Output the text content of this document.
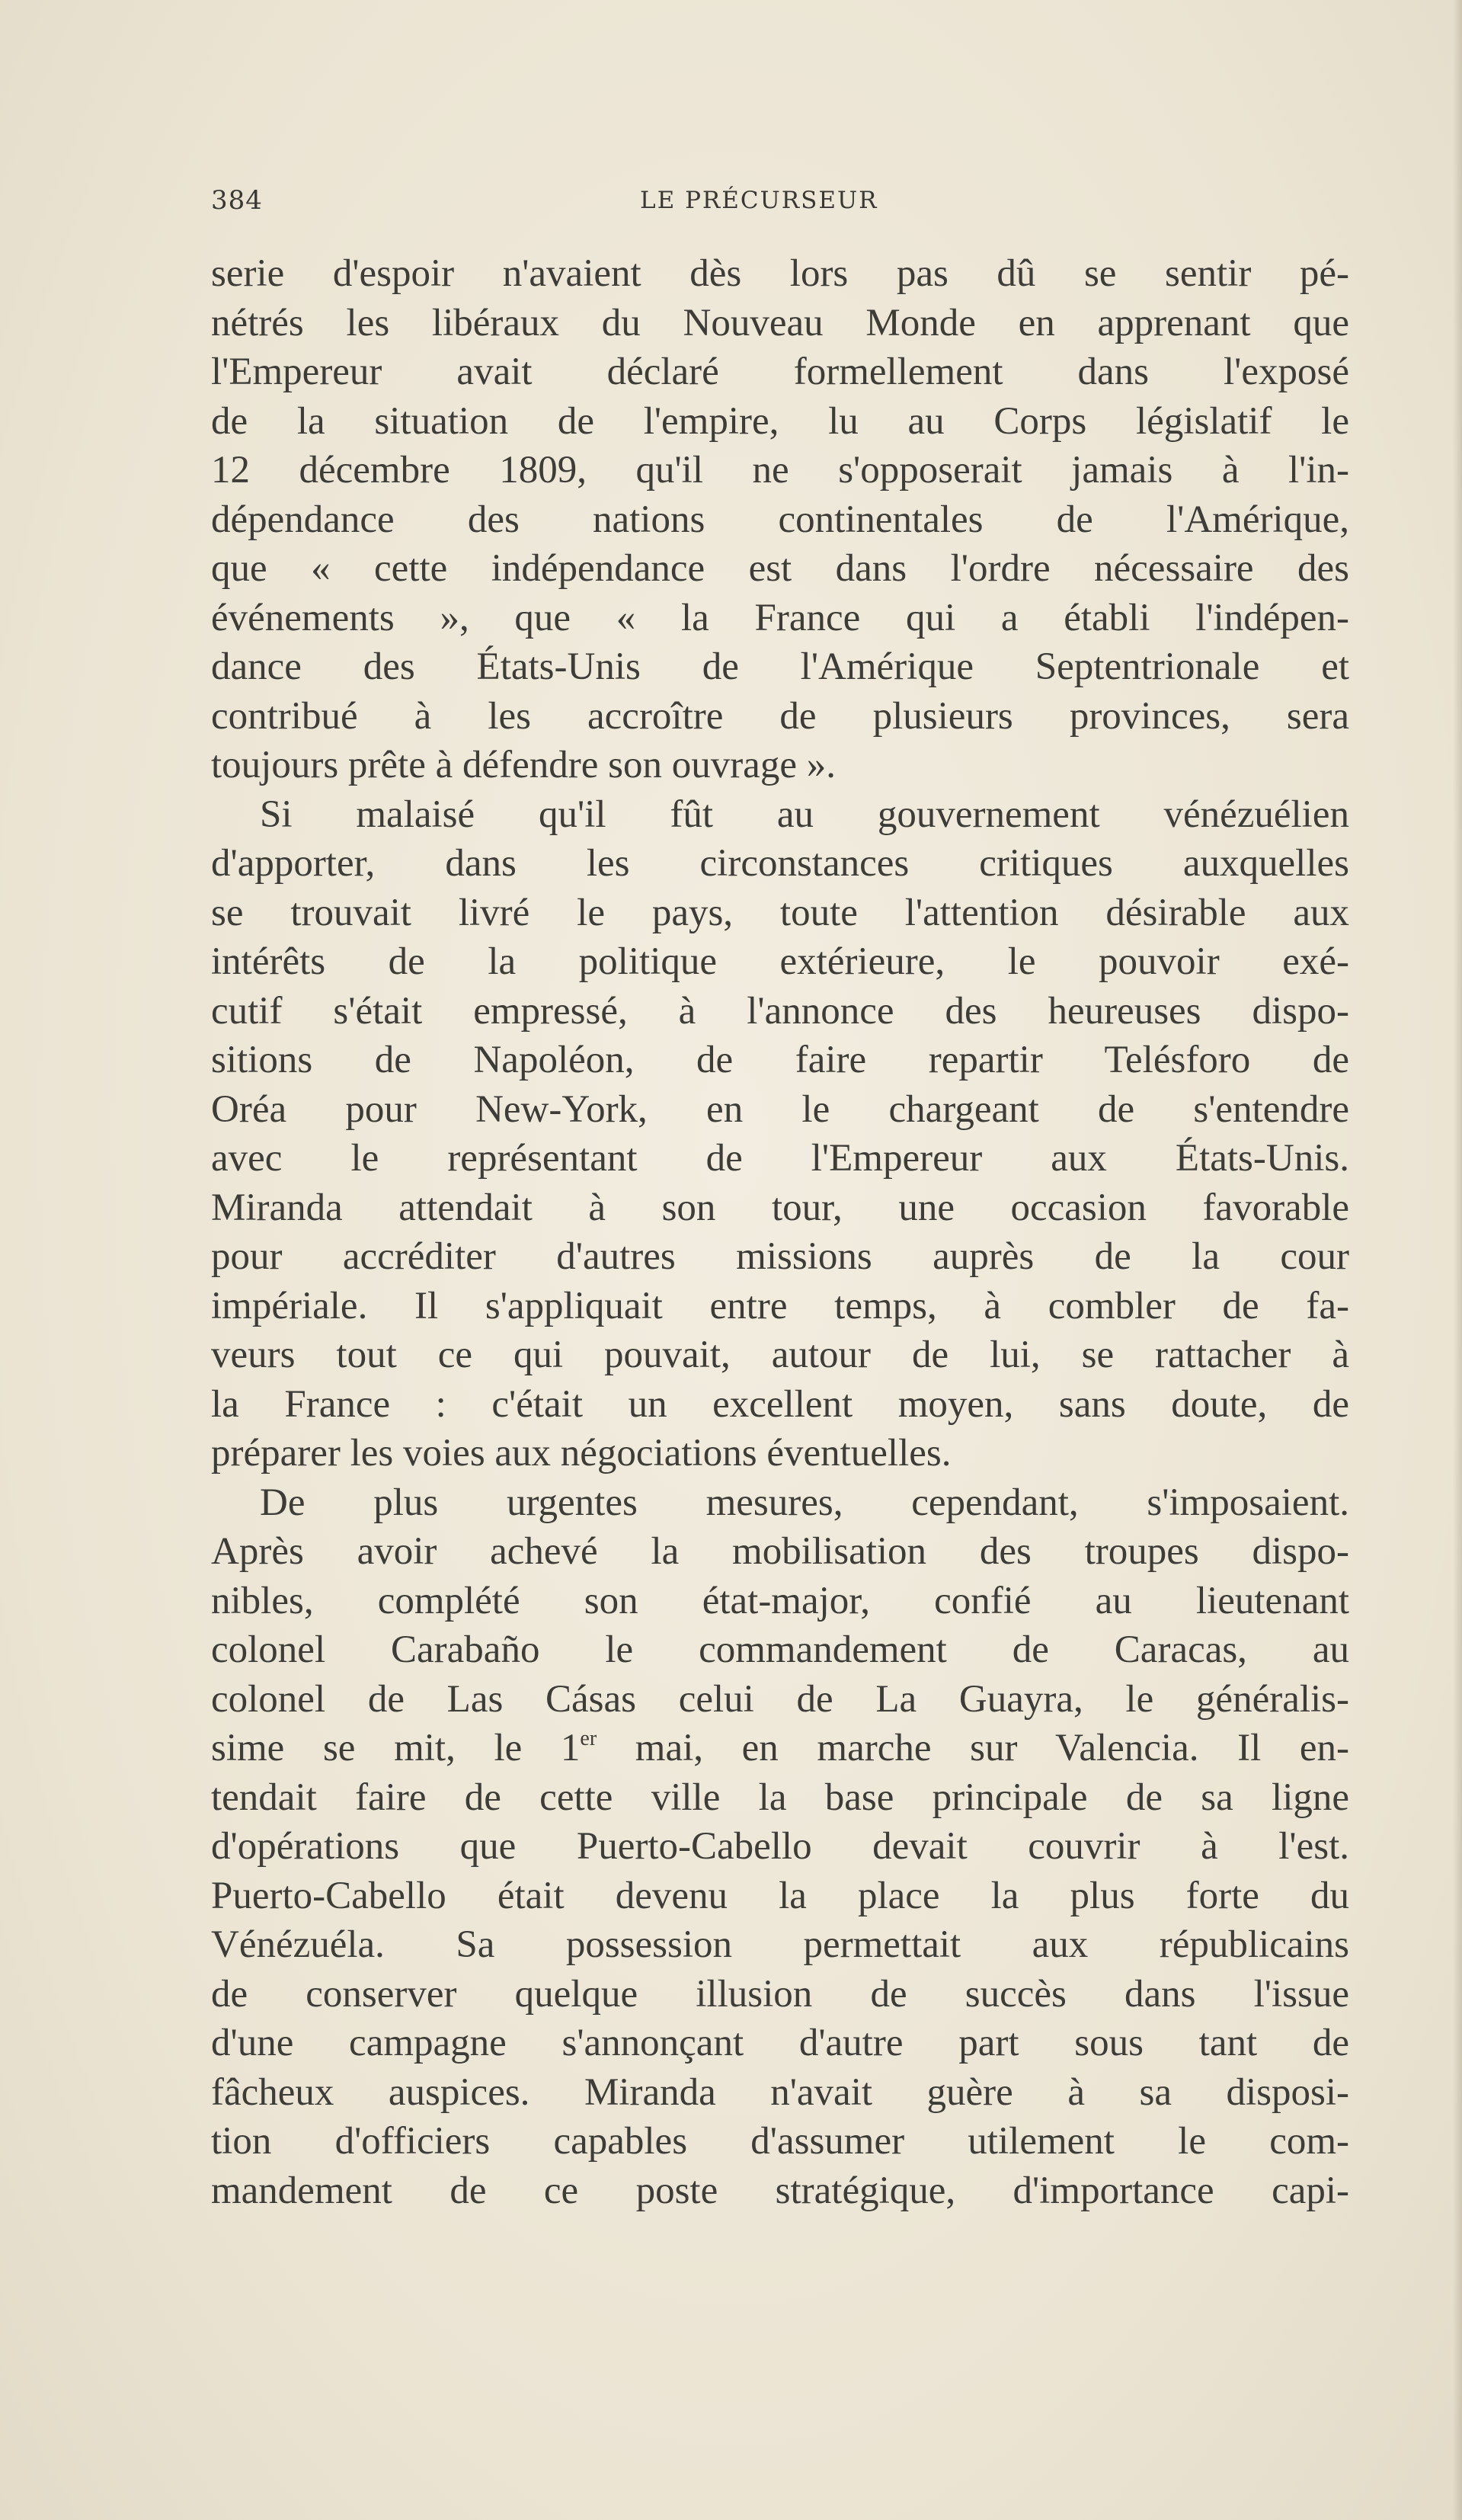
384	LE PRÉCURSEUR

serie d'espoir n'avaient dès lors pas dû se sentir pé-

nétrés les libéraux du Nouveau Monde en apprenant que

l'Empereur avait déclaré formellement dans l'exposé

de la situation de l'empire, lu au Corps législatif le

12 décembre 1809, qu'il ne s'opposerait jamais à l'in-

dépendance des nations continentales de l'Amérique,

que « cette indépendance est dans l'ordre nécessaire des

événements », que « la France qui a établi l'indépen-

dance des États-Unis de l'Amérique Septentrionale et

contribué à les accroître de plusieurs provinces, sera

toujours prête à défendre son ouvrage ».

Si malaisé qu'il fût au gouvernement vénézuélien

d'apporter, dans les circonstances critiques auxquelles

se trouvait livré le pays, toute l'attention désirable aux

intérêts de la politique extérieure, le pouvoir exé-

cutif s'était empressé, à l'annonce des heureuses dispo-

sitions de Napoléon, de faire repartir Telésforo de

Oréa pour New-York, en le chargeant de s'entendre

avec le représentant de l'Empereur aux États-Unis.

Miranda attendait à son tour, une occasion favorable

pour accréditer d'autres missions auprès de la cour

impériale. Il s'appliquait entre temps, à combler de fa-

veurs tout ce qui pouvait, autour de lui, se rattacher à

la France : c'était un excellent moyen, sans doute, de

préparer les voies aux négociations éventuelles.

De plus urgentes mesures, cependant, s'imposaient.

Après avoir achevé la mobilisation des troupes dispo-

nibles, complété son état-major, confié au lieutenant

colonel Carabaño le commandement de Caracas, au

colonel de Las Cásas celui de La Guayra, le généralis-

sime se mit, le 1er mai, en marche sur Valencia. Il en-

tendait faire de cette ville la base principale de sa ligne

d'opérations que Puerto-Cabello devait couvrir à l'est.

Puerto-Cabello était devenu la place la plus forte du

Vénézuéla. Sa possession permettait aux républicains

de conserver quelque illusion de succès dans l'issue

d'une campagne s'annonçant d'autre part sous tant de

fâcheux auspices. Miranda n'avait guère à sa disposi-

tion d'officiers capables d'assumer utilement le com-

mandement de ce poste stratégique, d'importance capi-
